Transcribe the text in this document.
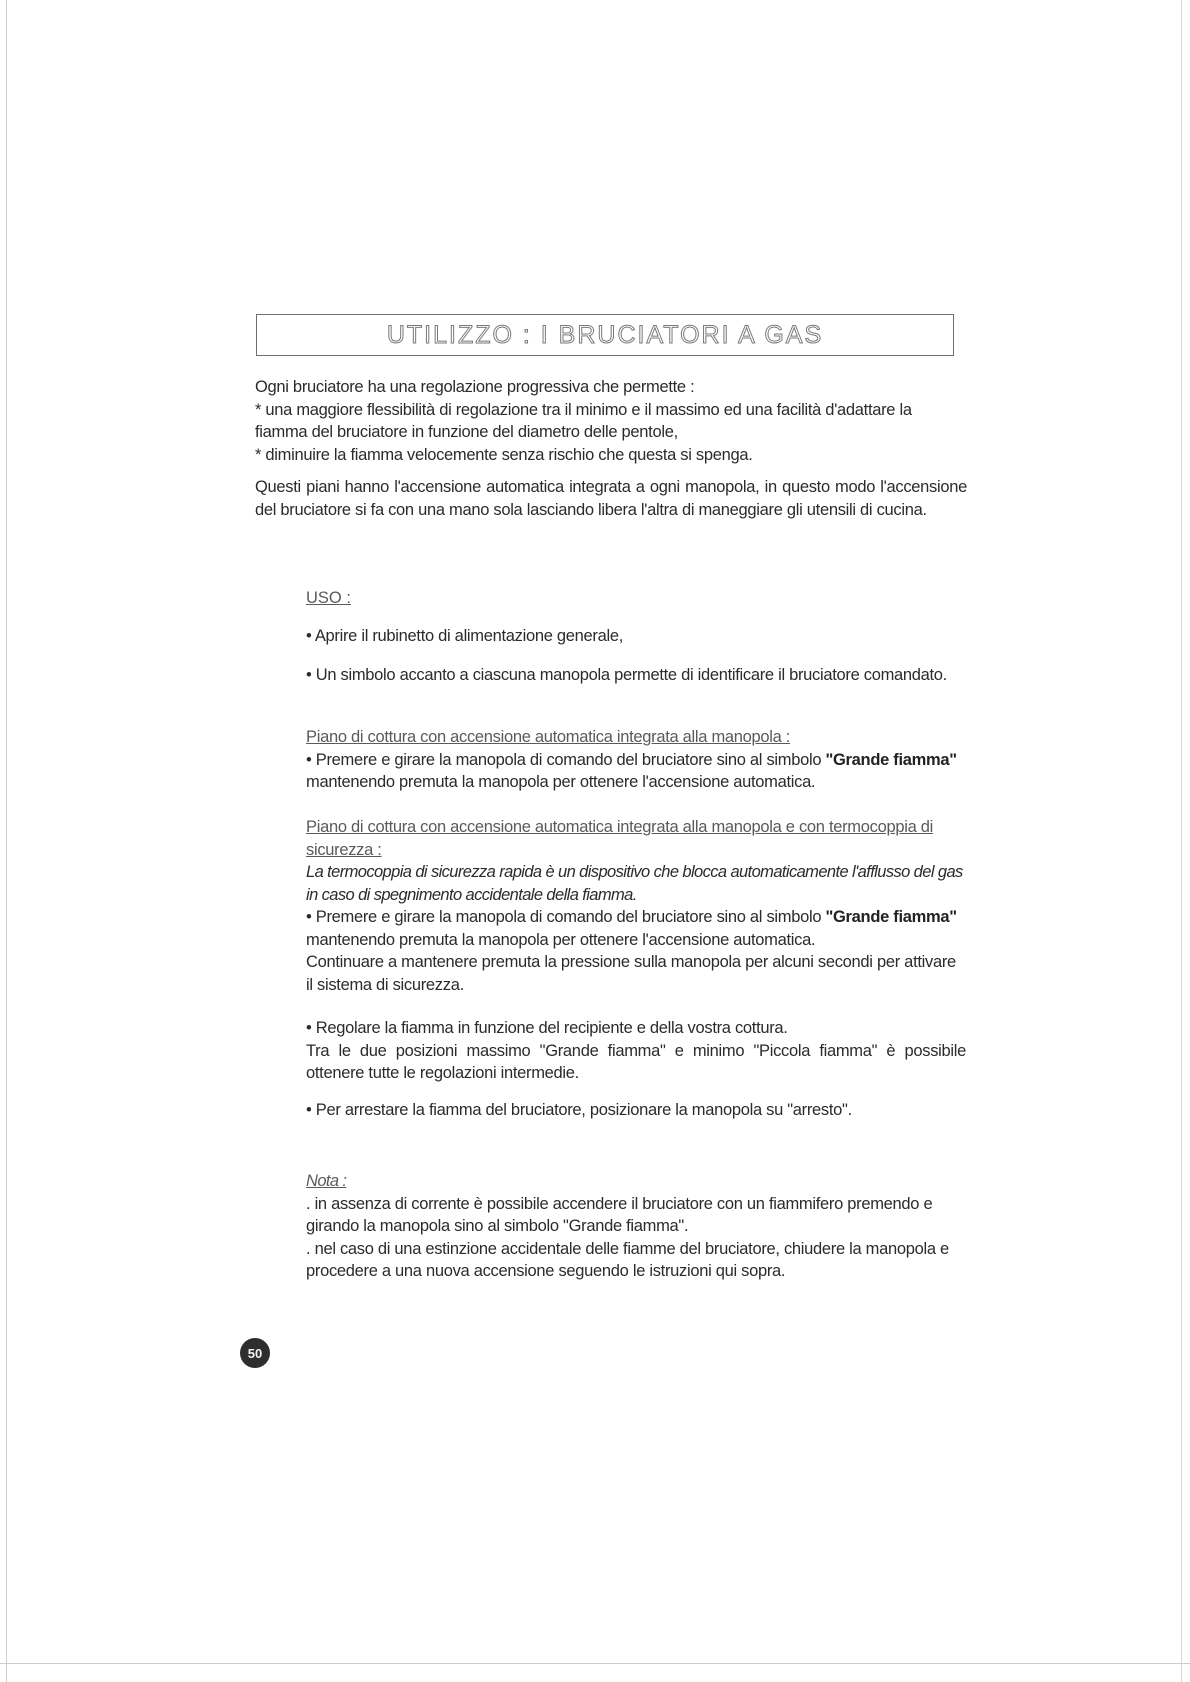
UTILIZZO : I BRUCIATORI A GAS

Ogni bruciatore ha una regolazione progressiva che permette :

* una maggiore flessibilità di regolazione tra il minimo e il massimo ed una facilità d'adattare la fiamma del bruciatore in funzione del diametro delle pentole,

* diminuire la fiamma velocemente senza rischio che questa si spenga.

Questi piani hanno l'accensione automatica integrata a ogni manopola, in questo modo l'accensione del bruciatore si fa con una mano sola lasciando libera l'altra di maneggiare gli utensili di cucina.

USO :

• Aprire il rubinetto di alimentazione generale,

• Un simbolo accanto a ciascuna manopola permette di identificare il bruciatore comandato.

Piano di cottura con accensione automatica integrata alla manopola :

• Premere e girare la manopola di comando del bruciatore sino al simbolo "Grande fiamma" mantenendo premuta la manopola per ottenere l'accensione automatica.

Piano di cottura con accensione automatica integrata alla manopola e con termocoppia di sicurezza :

La termocoppia di sicurezza rapida è un dispositivo che blocca automaticamente l'afflusso del gas in caso di spegnimento accidentale della fiamma.

• Premere e girare la manopola di comando del bruciatore sino al simbolo "Grande fiamma" mantenendo premuta la manopola per ottenere l'accensione automatica.

Continuare a mantenere premuta la pressione sulla manopola per alcuni secondi per attivare il sistema di sicurezza.

• Regolare la fiamma in funzione del recipiente e della vostra cottura.

Tra le due posizioni massimo "Grande fiamma" e minimo "Piccola fiamma" è possibile ottenere tutte le regolazioni intermedie.

• Per arrestare la fiamma del bruciatore, posizionare la manopola su "arresto".

Nota :

. in assenza di corrente è possibile accendere il bruciatore con un fiammifero premendo e girando la manopola sino al simbolo "Grande fiamma".

. nel caso di una estinzione accidentale delle fiamme del bruciatore, chiudere la manopola e procedere a una nuova accensione seguendo le istruzioni qui sopra.

50
